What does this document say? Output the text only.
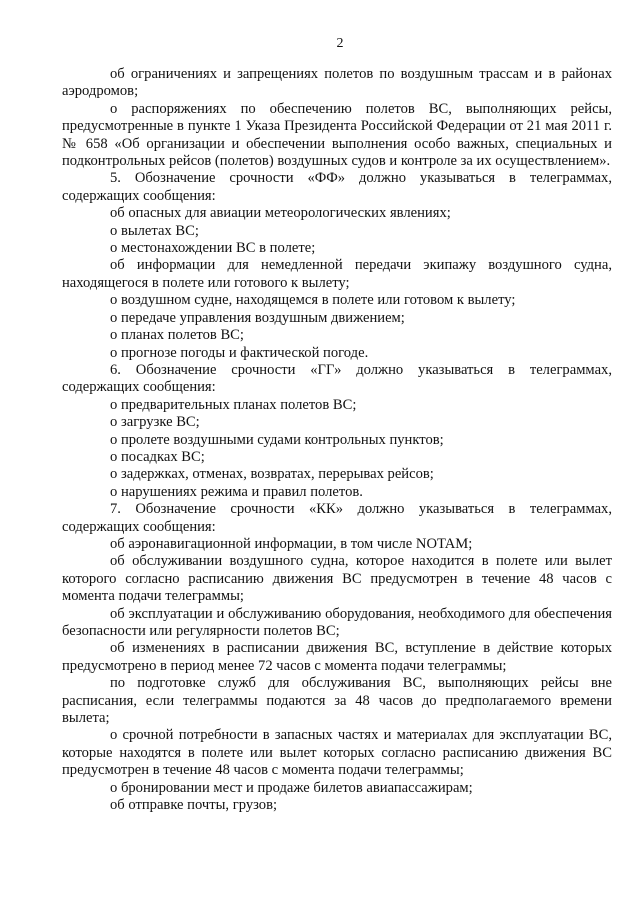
2

об ограничениях и запрещениях полетов по воздушным трассам и в районах аэродромов;

о распоряжениях по обеспечению полетов ВС, выполняющих рейсы, предусмотренные в пункте 1 Указа Президента Российской Федерации от 21 мая 2011 г. № 658 «Об организации и обеспечении выполнения особо важных, специальных и подконтрольных рейсов (полетов) воздушных судов и контроле за их осуществлением».

5. Обозначение срочности «ФФ» должно указываться в телеграммах, содержащих сообщения:

об опасных для авиации метеорологических явлениях;

о вылетах ВС;

о местонахождении ВС в полете;

об информации для немедленной передачи экипажу воздушного судна, находящегося в полете или готового к вылету;

о воздушном судне, находящемся в полете или готовом к вылету;

о передаче управления воздушным движением;

о планах полетов ВС;

о прогнозе погоды и фактической погоде.

6. Обозначение срочности «ГГ» должно указываться в телеграммах, содержащих сообщения:

о предварительных планах полетов ВС;

о загрузке ВС;

о пролете воздушными судами контрольных пунктов;

о посадках ВС;

о задержках, отменах, возвратах, перерывах рейсов;

о нарушениях режима и правил полетов.

7. Обозначение срочности «КК» должно указываться в телеграммах, содержащих сообщения:

об аэронавигационной информации, в том числе NOTAM;

об обслуживании воздушного судна, которое находится в полете или вылет которого согласно расписанию движения ВС предусмотрен в течение 48 часов с момента подачи телеграммы;

об эксплуатации и обслуживанию оборудования, необходимого для обеспечения безопасности или регулярности полетов ВС;

об изменениях в расписании движения ВС, вступление в действие которых предусмотрено в период менее 72 часов с момента подачи телеграммы;

по подготовке служб для обслуживания ВС, выполняющих рейсы вне расписания, если телеграммы подаются за 48 часов до предполагаемого времени вылета;

о срочной потребности в запасных частях и материалах для эксплуатации ВС, которые находятся в полете или вылет которых согласно расписанию движения ВС предусмотрен в течение 48 часов с момента подачи телеграммы;

о бронировании мест и продаже билетов авиапассажирам;

об отправке почты, грузов;
